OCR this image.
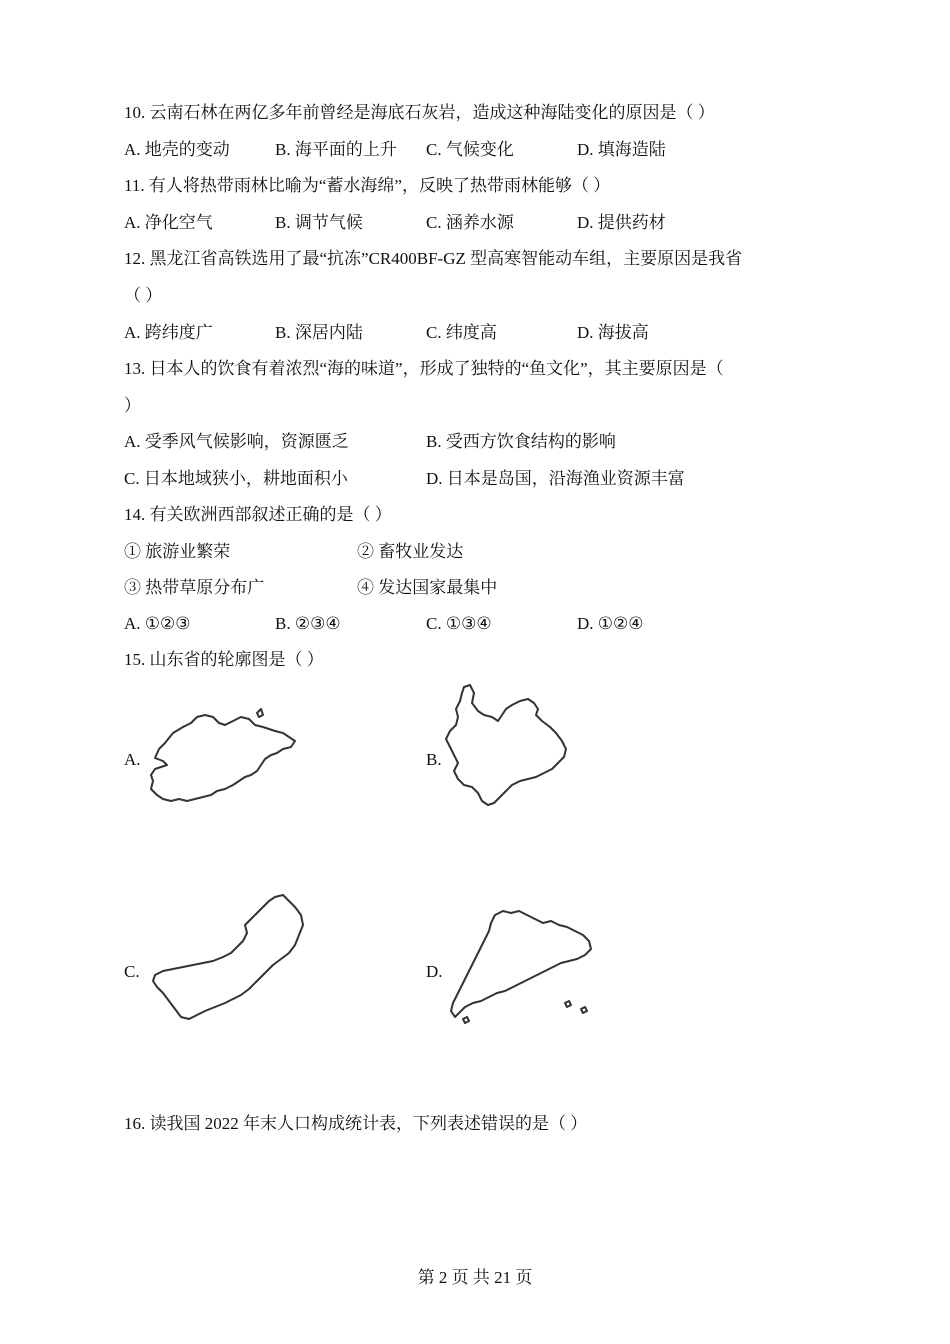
10. 云南石林在两亿多年前曾经是海底石灰岩，造成这种海陆变化的原因是（ ）
A. 地壳的变动	B. 海平面的上升 C. 气候变化	D. 填海造陆
11. 有人将热带雨林比喻为“蓄水海绵”，反映了热带雨林能够（ ）
A. 净化空气	B. 调节气候	C. 涵养水源	D. 提供药材
12. 黑龙江省高铁选用了最“抗冻”CR400BF-GZ 型高寒智能动车组，主要原因是我省
（ ）
A. 跨纬度广	B. 深居内陆	C. 纬度高	D. 海拔高
13. 日本人的饮食有着浓烈“海的味道”，形成了独特的“鱼文化”，其主要原因是（
）
A. 受季风气候影响，资源匮乏	B. 受西方饮食结构的影响
C. 日本地域狭小，耕地面积小	D. 日本是岛国，沿海渔业资源丰富
14. 有关欧洲西部叙述正确的是（ ）
① 旅游业繁荣	② 畜牧业发达
③ 热带草原分布广	④ 发达国家最集中
A. ①②③	B. ②③④	C. ①③④	D. ①②④
15. 山东省的轮廓图是（ ）
A.	B.
C.	D.
16. 读我国 2022 年末人口构成统计表，下列表述错误的是（ ）
第 2 页 共 21 页
